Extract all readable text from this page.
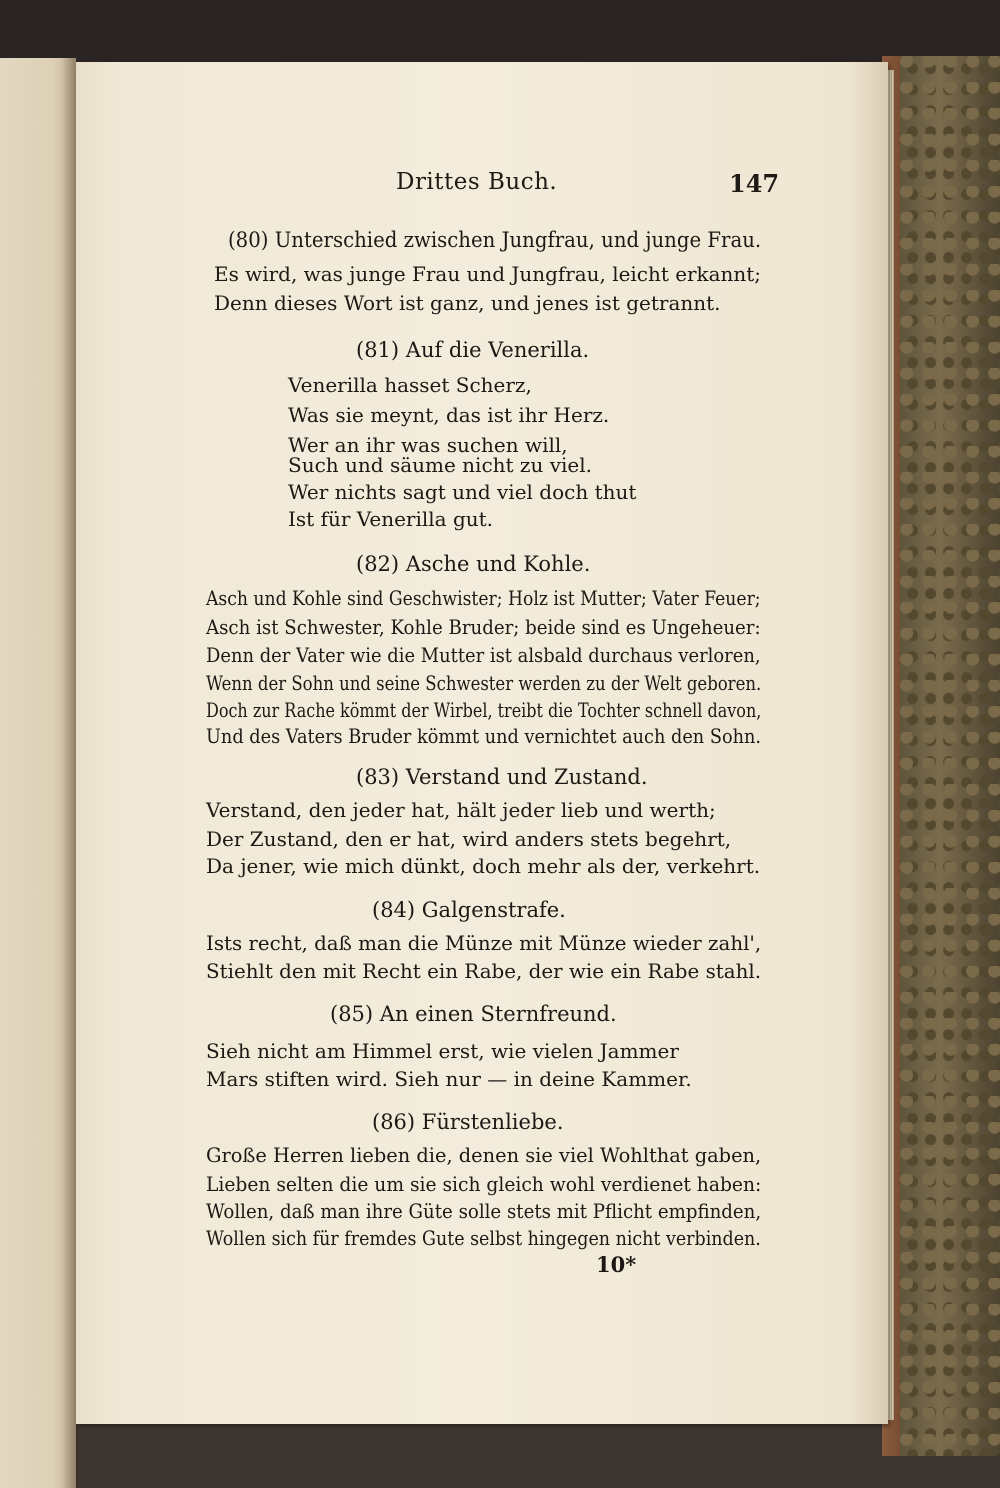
Drittes Buch.	147
(80) Unterschied zwischen Jungfrau, und junge Frau.
Es wird, was junge Frau und Jungfrau, leicht erkannt;
Denn dieses Wort ist ganz, und jenes ist getrannt.
(81) Auf die Venerilla.
Venerilla hasset Scherz,
Was sie meynt, das ist ihr Herz.
Wer an ihr was suchen will,
Such und säume nicht zu viel.
Wer nichts sagt und viel doch thut
Ist für Venerilla gut.
(82) Asche und Kohle.
Asch und Kohle sind Geschwister; Holz ist Mutter; Vater Feuer;
Asch ist Schwester, Kohle Bruder; beide sind es Ungeheuer:
Denn der Vater wie die Mutter ist alsbald durchaus verloren,
Wenn der Sohn und seine Schwester werden zu der Welt geboren.
Doch zur Rache kömmt der Wirbel, treibt die Tochter schnell davon,
Und des Vaters Bruder kömmt und vernichtet auch den Sohn.
(83) Verstand und Zustand.
Verstand, den jeder hat, hält jeder lieb und werth;
Der Zustand, den er hat, wird anders stets begehrt,
Da jener, wie mich dünkt, doch mehr als der, verkehrt.
(84) Galgenstrafe.
Ists recht, daß man die Münze mit Münze wieder zahl',
Stiehlt den mit Recht ein Rabe, der wie ein Rabe stahl.
(85) An einen Sternfreund.
Sieh nicht am Himmel erst, wie vielen Jammer
Mars stiften wird. Sieh nur — in deine Kammer.
(86) Fürstenliebe.
Große Herren lieben die, denen sie viel Wohlthat gaben,
Lieben selten die um sie sich gleich wohl verdienet haben:
Wollen, daß man ihre Güte solle stets mit Pflicht empfinden,
Wollen sich für fremdes Gute selbst hingegen nicht verbinden.
10*
